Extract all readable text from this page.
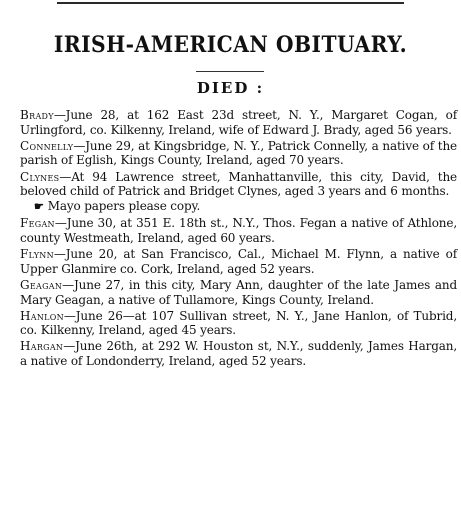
IRISH-AMERICAN OBITUARY.
DIED :

Brady—June 28, at 162 East 23d street, N. Y., Margaret Cogan, of Urlingford, co. Kilkenny, Ireland, wife of Edward J. Brady, aged 56 years.

Connelly—June 29, at Kingsbridge, N. Y., Patrick Connelly, a native of the parish of Eglish, Kings County, Ireland, aged 70 years.

Clynes—At 94 Lawrence street, Manhattanville, this city, David, the beloved child of Patrick and Bridget Clynes, aged 3 years and 6 months.

☛ Mayo papers please copy.

Fegan—June 30, at 351 E. 18th st., N.Y., Thos. Fegan a native of Athlone, county Westmeath, Ireland, aged 60 years.

Flynn—June 20, at San Francisco, Cal., Michael M. Flynn, a native of Upper Glanmire co. Cork, Ireland, aged 52 years.

Geagan—June 27, in this city, Mary Ann, daughter of the late James and Mary Geagan, a native of Tullamore, Kings County, Ireland.

Hanlon—June 26—at 107 Sullivan street, N. Y., Jane Hanlon, of Tubrid, co. Kilkenny, Ireland, aged 45 years.

Hargan—June 26th, at 292 W. Houston st, N.Y., suddenly, James Hargan, a native of Londonderry, Ireland, aged 52 years.
